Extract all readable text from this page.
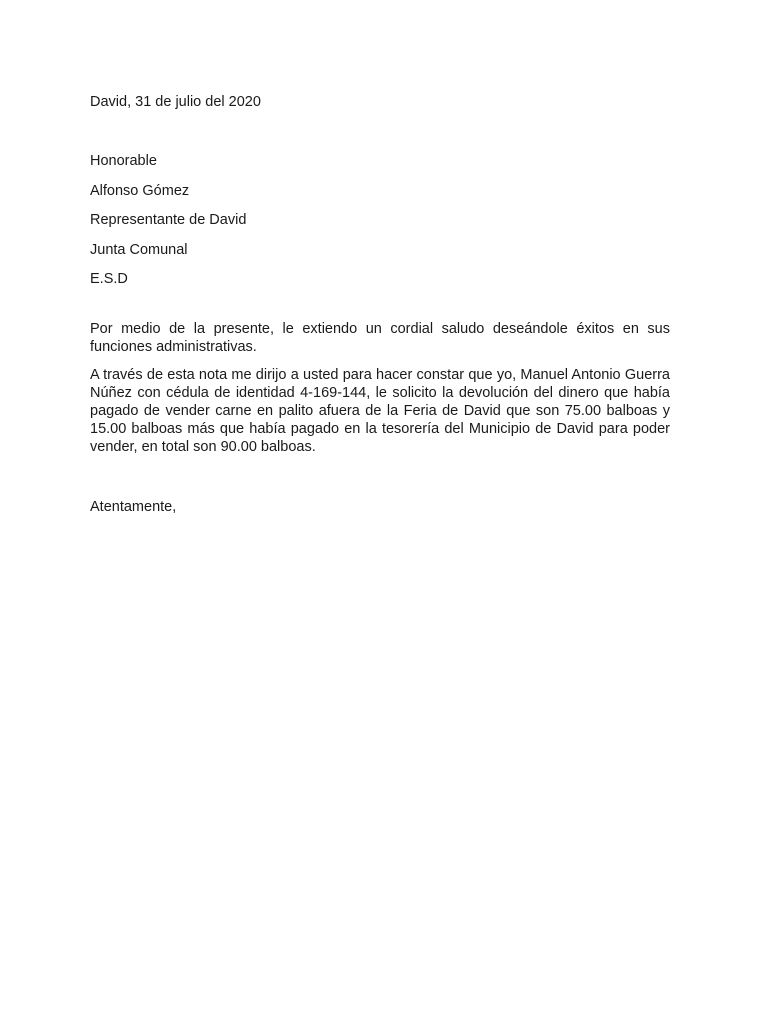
David, 31 de julio del 2020

Honorable

Alfonso Gómez

Representante de David

Junta Comunal

E.S.D

Por medio de la presente, le extiendo un cordial saludo deseándole éxitos en sus funciones administrativas.

A través de esta nota me dirijo a usted para hacer constar que yo, Manuel Antonio Guerra Núñez con cédula de identidad 4-169-144, le solicito la devolución del dinero que había pagado de vender carne en palito afuera de la Feria de David que son 75.00 balboas y 15.00 balboas más que había pagado en la tesorería del Municipio de David para poder vender, en total son 90.00 balboas.

Atentamente,
